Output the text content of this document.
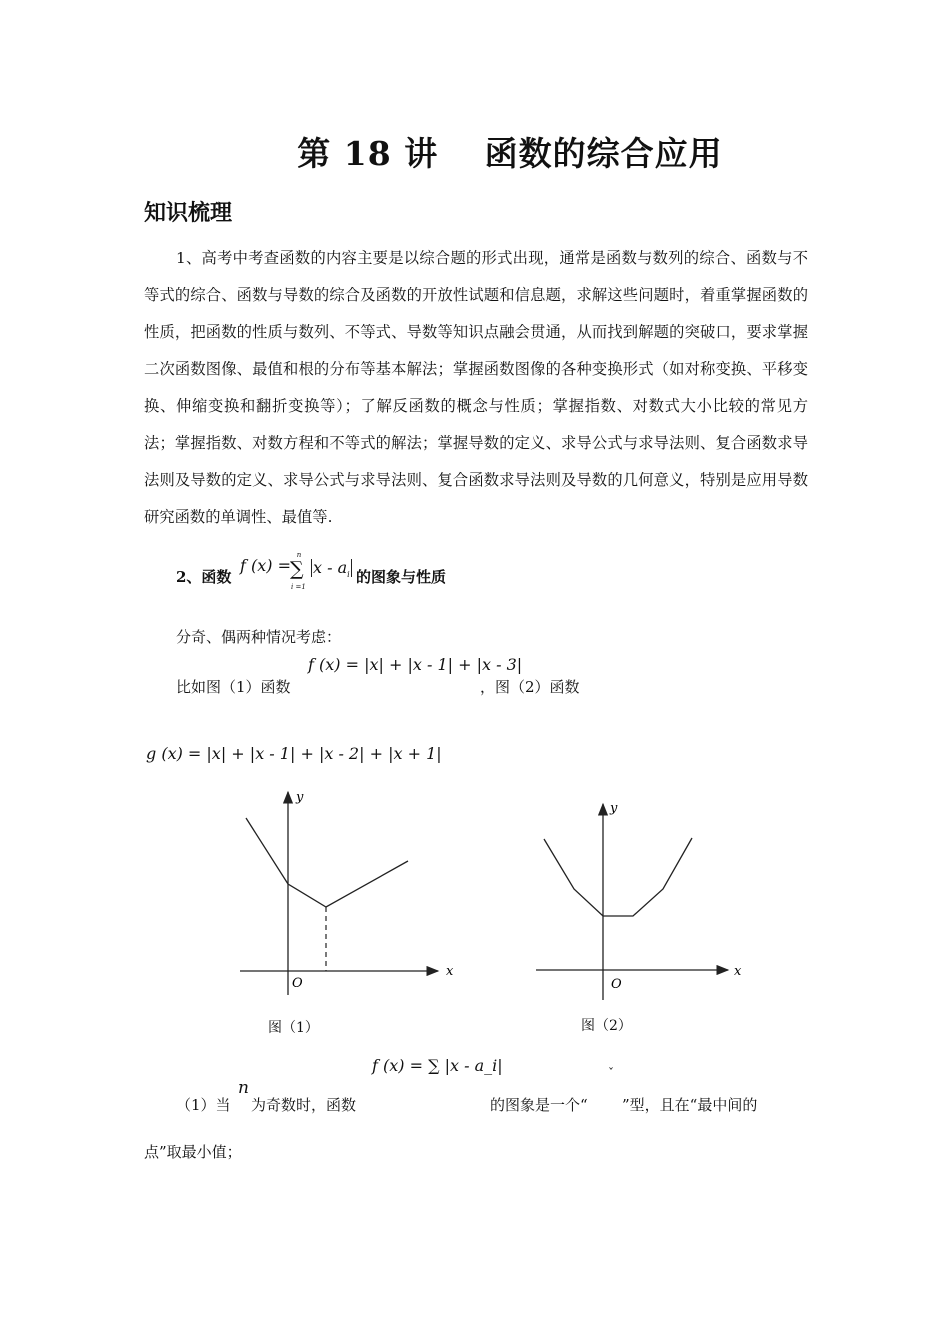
第 18 讲　 函数的综合应用
知识梳理

1、高考中考查函数的内容主要是以综合题的形式出现，通常是函数与数列的综合、函数与不等式的综合、函数与导数的综合及函数的开放性试题和信息题，求解这些问题时，着重掌握函数的性质，把函数的性质与数列、不等式、导数等知识点融会贯通，从而找到解题的突破口，要求掌握二次函数图像、最值和根的分布等基本解法；掌握函数图像的各种变换形式（如对称变换、平移变换、伸缩变换和翻折变换等）；了解反函数的概念与性质；掌握指数、对数式大小比较的常见方法；掌握指数、对数方程和不等式的解法；掌握导数的定义、求导公式与求导法则、复合函数求导法则及导数的定义、求导公式与求导法则、复合函数求导法则及导数的几何意义，特别是应用导数研究函数的单调性、最值等.

2、函数
f (x) =
n
∑
i =1
x - $a_i$ 的图象与性质
分奇、偶两种情况考虑：
比如图（1）函数
f (x) = |x| + |x - 1| + |x - 3|
，图（2）函数
g (x) = |x| + |x - 1| + |x - 2| + |x + 1|
y
x
O
图（1）
y
x
O
图（2）
f (x) = ∑ |x - a_i|
（1）当
n
为奇数时，函数	的图象是一个“
ˇ
”型，且在“最中间的
点”取最小值；
